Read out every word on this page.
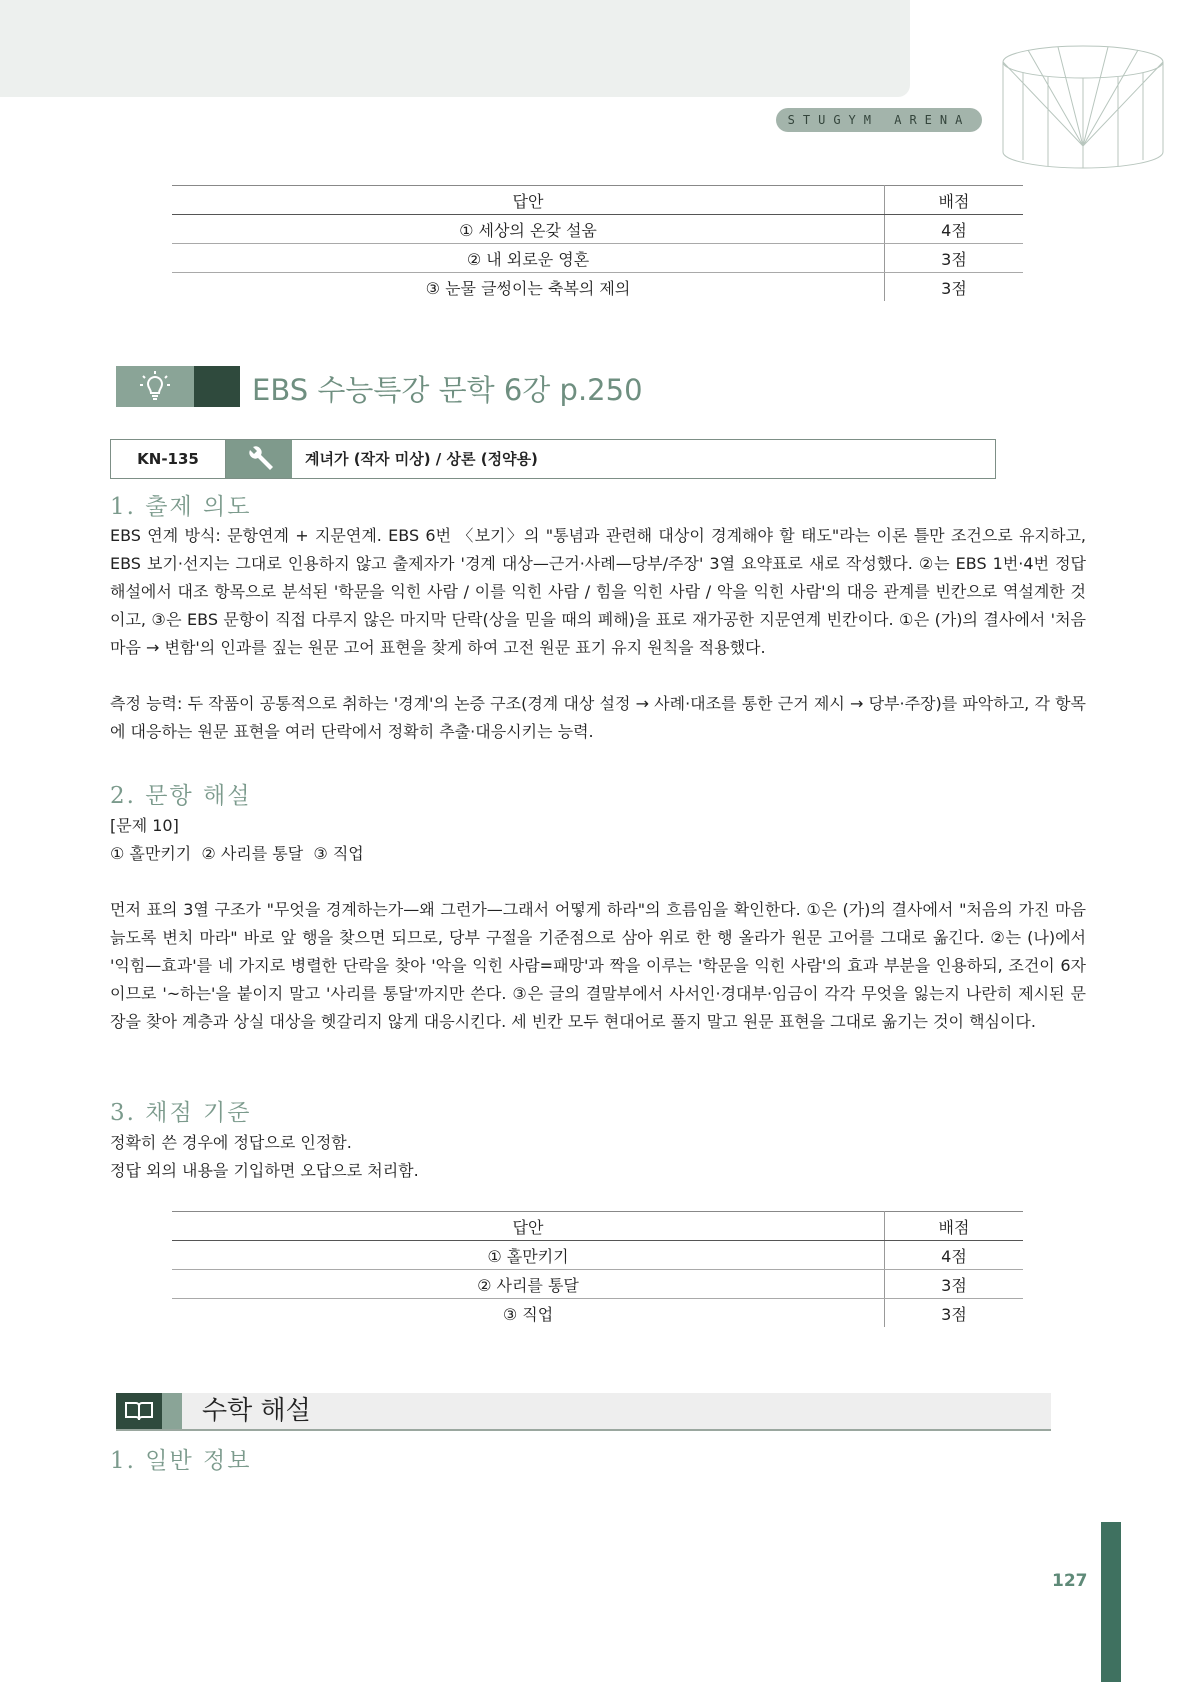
STUGYM ARENA
답안	배점
① 세상의 온갖 설움	4점
② 내 외로운 영혼	3점
③ 눈물 글썽이는 축복의 제의	3점
EBS 수능특강 문학 6강 p.250
KN-135	계녀가 (작자 미상) / 상론 (정약용)
1. 출제 의도
EBS 연계 방식: 문항연계 + 지문연계. EBS 6번 〈보기〉의 "통념과 관련해 대상이 경계해야 할 태도"라는 이론 틀만 조건으로 유지하고, EBS 보기·선지는 그대로 인용하지 않고 출제자가 '경계 대상—근거·사례—당부/주장' 3열 요약표로 새로 작성했다. ②는 EBS 1번·4번 정답 해설에서 대조 항목으로 분석된 '학문을 익힌 사람 / 이를 익힌 사람 / 힘을 익힌 사람 / 악을 익힌 사람'의 대응 관계를 빈칸으로 역설계한 것이고, ③은 EBS 문항이 직접 다루지 않은 마지막 단락(상을 믿을 때의 폐해)을 표로 재가공한 지문연계 빈칸이다. ①은 (가)의 결사에서 '처음 마음 → 변함'의 인과를 짚는 원문 고어 표현을 찾게 하여 고전 원문 표기 유지 원칙을 적용했다.
측정 능력: 두 작품이 공통적으로 취하는 '경계'의 논증 구조(경계 대상 설정 → 사례·대조를 통한 근거 제시 → 당부·주장)를 파악하고, 각 항목에 대응하는 원문 표현을 여러 단락에서 정확히 추출·대응시키는 능력.
2. 문항 해설
[문제 10]
① 홀만키기  ② 사리를 통달  ③ 직업
먼저 표의 3열 구조가 "무엇을 경계하는가—왜 그런가—그래서 어떻게 하라"의 흐름임을 확인한다. ①은 (가)의 결사에서 "처음의 가진 마음 늙도록 변치 마라" 바로 앞 행을 찾으면 되므로, 당부 구절을 기준점으로 삼아 위로 한 행 올라가 원문 고어를 그대로 옮긴다. ②는 (나)에서 '익힘—효과'를 네 가지로 병렬한 단락을 찾아 '악을 익힌 사람=패망'과 짝을 이루는 '학문을 익힌 사람'의 효과 부분을 인용하되, 조건이 6자이므로 '~하는'을 붙이지 말고 '사리를 통달'까지만 쓴다. ③은 글의 결말부에서 사서인·경대부·임금이 각각 무엇을 잃는지 나란히 제시된 문장을 찾아 계층과 상실 대상을 헷갈리지 않게 대응시킨다. 세 빈칸 모두 현대어로 풀지 말고 원문 표현을 그대로 옮기는 것이 핵심이다.
3. 채점 기준
정확히 쓴 경우에 정답으로 인정함.
정답 외의 내용을 기입하면 오답으로 처리함.
답안	배점
① 홀만키기	4점
② 사리를 통달	3점
③ 직업	3점
수학 해설
1. 일반 정보
127
